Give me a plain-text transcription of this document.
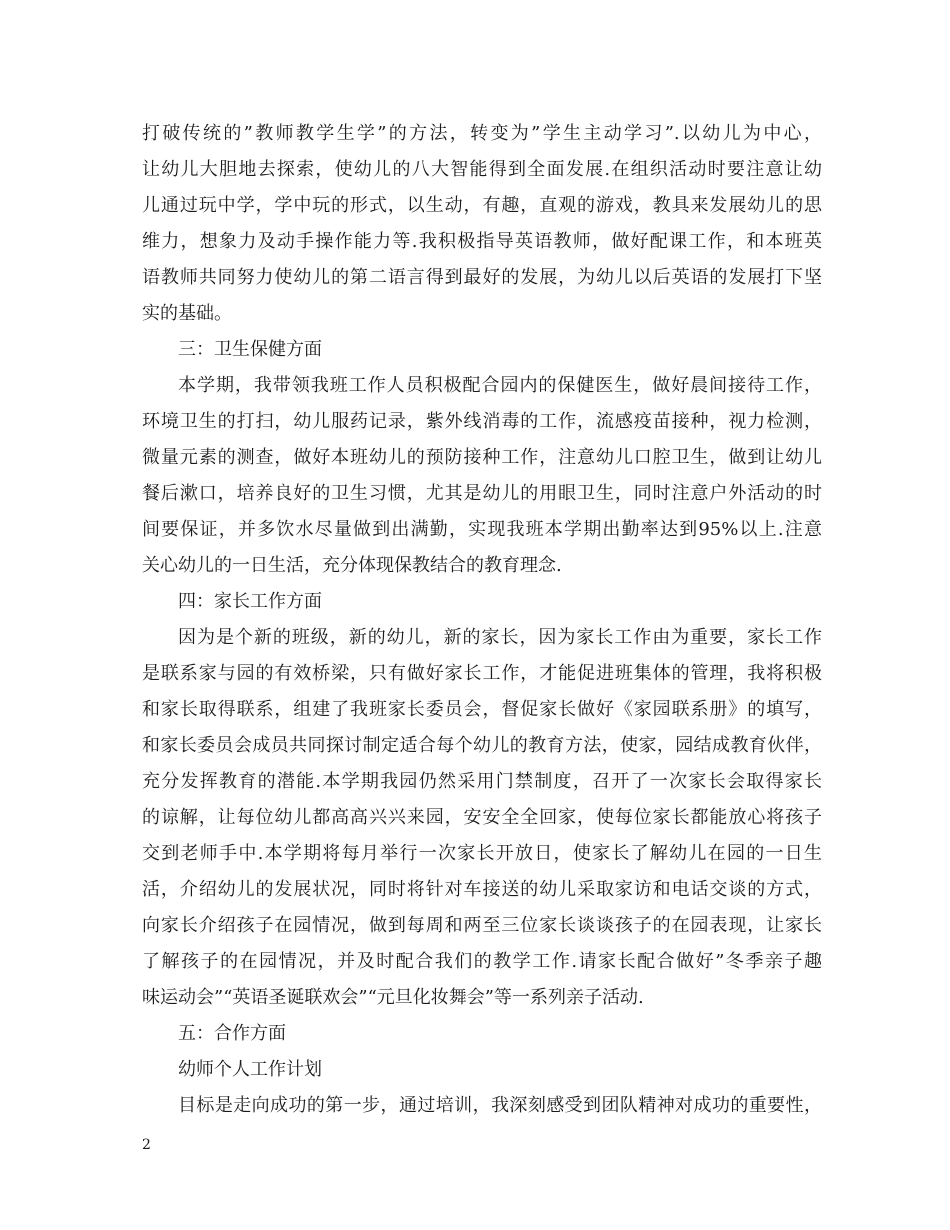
打破传统的”教师教学生学”的方法，转变为”学生主动学习”.以幼儿为中心，
让幼儿大胆地去探索，使幼儿的八大智能得到全面发展.在组织活动时要注意让幼
儿通过玩中学，学中玩的形式，以生动，有趣，直观的游戏，教具来发展幼儿的思
维力，想象力及动手操作能力等.我积极指导英语教师，做好配课工作，和本班英
语教师共同努力使幼儿的第二语言得到最好的发展，为幼儿以后英语的发展打下坚
实的基础。
三：卫生保健方面
本学期，我带领我班工作人员积极配合园内的保健医生，做好晨间接待工作，
环境卫生的打扫，幼儿服药记录，紫外线消毒的工作，流感疫苗接种，视力检测，
微量元素的测查，做好本班幼儿的预防接种工作，注意幼儿口腔卫生，做到让幼儿
餐后漱口，培养良好的卫生习惯，尤其是幼儿的用眼卫生，同时注意户外活动的时
间要保证，并多饮水尽量做到出满勤，实现我班本学期出勤率达到95%以上.注意
关心幼儿的一日生活，充分体现保教结合的教育理念.
四：家长工作方面
因为是个新的班级，新的幼儿，新的家长，因为家长工作由为重要，家长工作
是联系家与园的有效桥梁，只有做好家长工作，才能促进班集体的管理，我将积极
和家长取得联系，组建了我班家长委员会，督促家长做好《家园联系册》的填写，
和家长委员会成员共同探讨制定适合每个幼儿的教育方法，使家，园结成教育伙伴，
充分发挥教育的潜能.本学期我园仍然采用门禁制度，召开了一次家长会取得家长
的谅解，让每位幼儿都高高兴兴来园，安安全全回家，使每位家长都能放心将孩子
交到老师手中.本学期将每月举行一次家长开放日，使家长了解幼儿在园的一日生
活，介绍幼儿的发展状况，同时将针对车接送的幼儿采取家访和电话交谈的方式，
向家长介绍孩子在园情况，做到每周和两至三位家长谈谈孩子的在园表现，让家长
了解孩子的在园情况，并及时配合我们的教学工作.请家长配合做好”冬季亲子趣
味运动会”“英语圣诞联欢会”“元旦化妆舞会”等一系列亲子活动.
五：合作方面
幼师个人工作计划
目标是走向成功的第一步，通过培训，我深刻感受到团队精神对成功的重要性，
2
